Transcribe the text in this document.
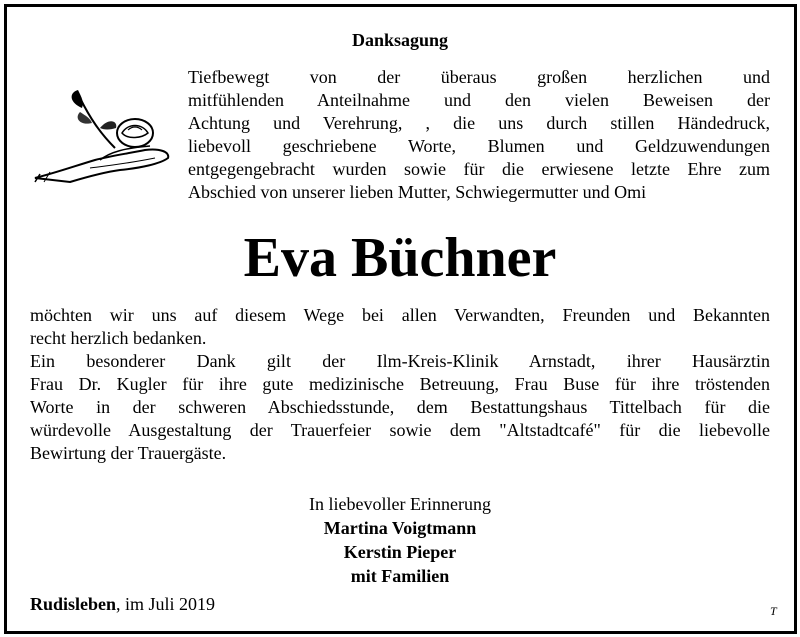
Danksagung
Tiefbewegt von der überaus großen herzlichen und
mitfühlenden Anteilnahme und den vielen Beweisen der
Achtung und Verehrung, , die uns durch stillen Händedruck,
liebevoll geschriebene Worte, Blumen und Geldzuwendungen
entgegengebracht wurden sowie für die erwiesene letzte Ehre zum
Abschied von unserer lieben Mutter, Schwiegermutter und Omi
Eva Büchner
möchten wir uns auf diesem Wege bei allen Verwandten, Freunden und Bekannten
recht herzlich bedanken.
Ein besonderer Dank gilt der Ilm-Kreis-Klinik Arnstadt, ihrer Hausärztin
Frau Dr. Kugler für ihre gute medizinische Betreuung, Frau Buse für ihre tröstenden
Worte in der schweren Abschiedsstunde, dem Bestattungshaus Tittelbach für die
würdevolle Ausgestaltung der Trauerfeier sowie dem "Altstadtcafé" für die liebevolle
Bewirtung der Trauergäste.
In liebevoller Erinnerung
Martina Voigtmann
Kerstin Pieper
mit Familien
Rudisleben, im Juli 2019	T
